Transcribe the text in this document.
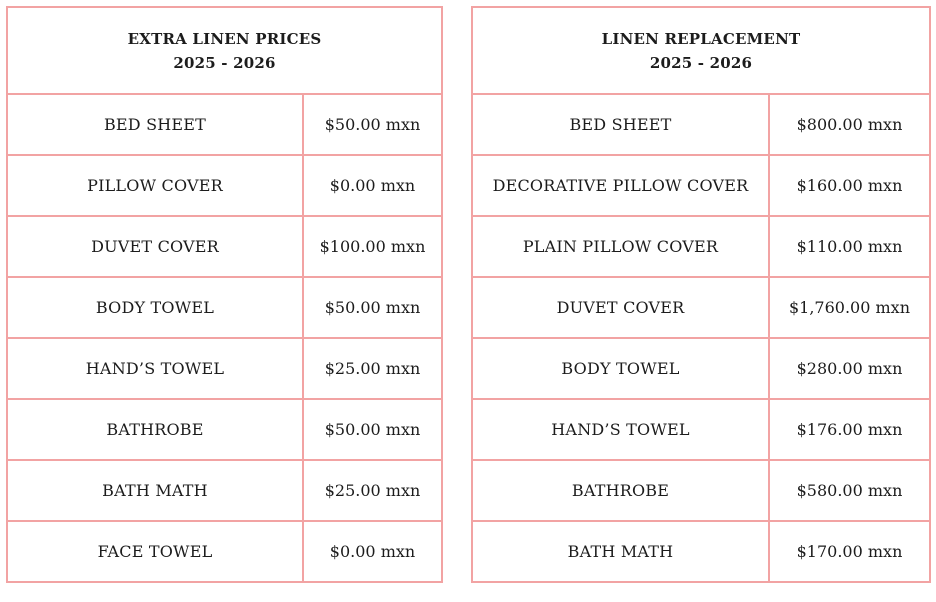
EXTRA LINEN PRICES
2025 - 2026	

BED SHEET	$50.00 mxn
PILLOW COVER	$0.00 mxn
DUVET COVER	$100.00 mxn
BODY TOWEL	$50.00 mxn
HAND’S TOWEL	$25.00 mxn
BATHROBE	$50.00 mxn
BATH MATH	$25.00 mxn
FACE TOWEL	$0.00 mxn
LINEN REPLACEMENT
2025 - 2026	

BED SHEET	$800.00 mxn
DECORATIVE PILLOW COVER	$160.00 mxn
PLAIN PILLOW COVER	$110.00 mxn
DUVET COVER	$1,760.00 mxn
BODY TOWEL	$280.00 mxn
HAND’S TOWEL	$176.00 mxn
BATHROBE	$580.00 mxn
BATH MATH	$170.00 mxn
